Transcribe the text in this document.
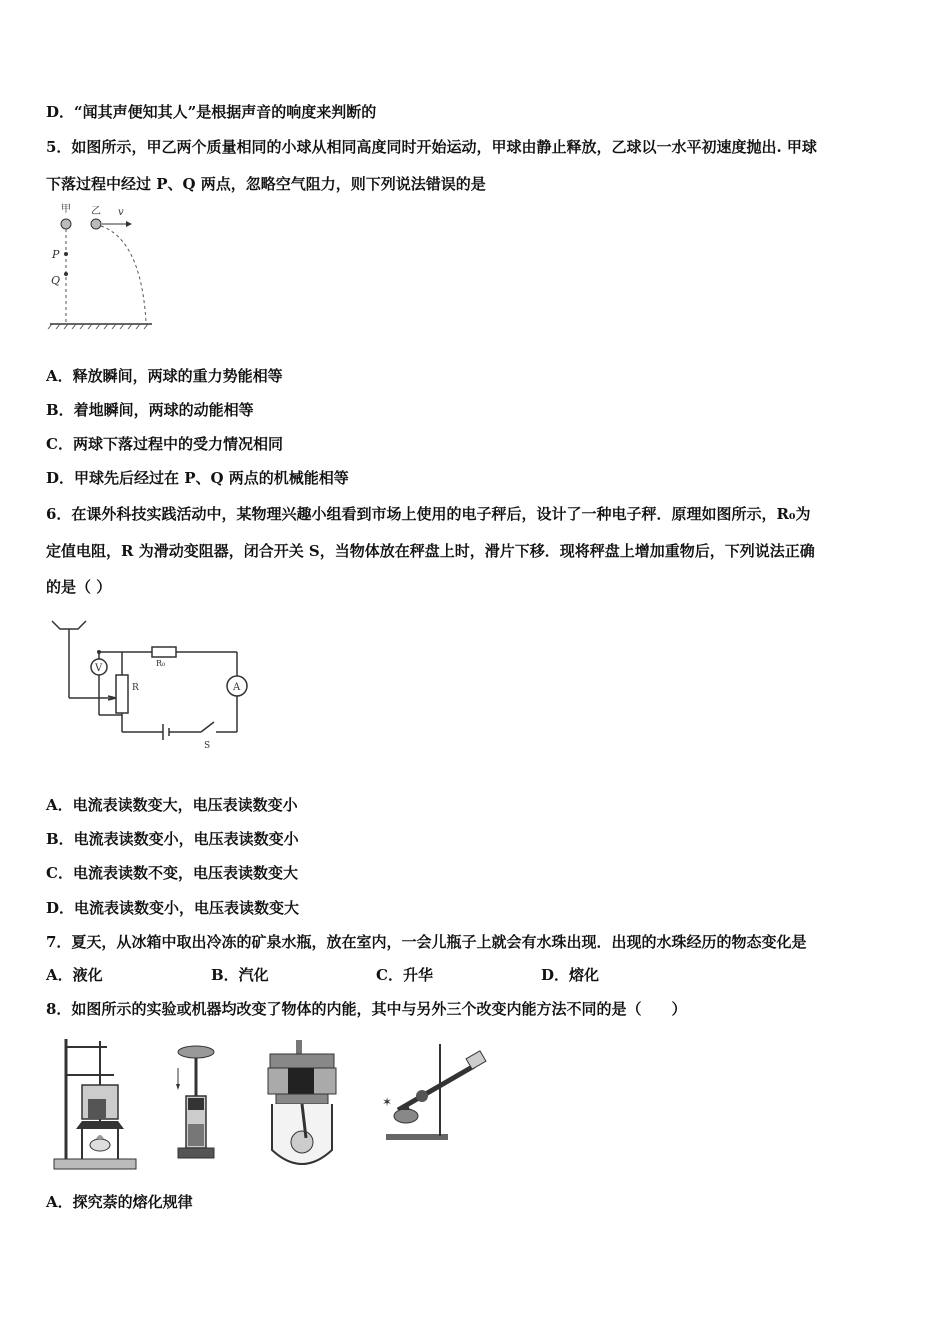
D．“闻其声便知其人”是根据声音的响度来判断的
5．如图所示，甲乙两个质量相同的小球从相同高度同时开始运动，甲球由静止释放，乙球以一水平初速度抛出. 甲球
下落过程中经过 P、Q 两点，忽略空气阻力，则下列说法错误的是
甲
P
Q
乙 v
A．释放瞬间，两球的重力势能相等
B．着地瞬间，两球的动能相等
C．两球下落过程中的受力情况相同
D．甲球先后经过在 P、Q 两点的机械能相等
6．在课外科技实践活动中，某物理兴趣小组看到市场上使用的电子秤后，设计了一种电子秤．原理如图所示，R₀为
定值电阻，R 为滑动变阻器，闭合开关 S，当物体放在秤盘上时，滑片下移．现将秤盘上增加重物后，下列说法正确
的是（ ）
V
A
R₀
R
S
A．电流表读数变大，电压表读数变小
B．电流表读数变小，电压表读数变小
C．电流表读数不变，电压表读数变大
D．电流表读数变小，电压表读数变大
7．夏天，从冰箱中取出冷冻的矿泉水瓶，放在室内，一会儿瓶子上就会有水珠出现．出现的水珠经历的物态变化是
A．液化	B．汽化	C．升华	D．熔化
8．如图所示的实验或机器均改变了物体的内能，其中与另外三个改变内能方法不同的是（　　）
✶
A．探究萘的熔化规律
